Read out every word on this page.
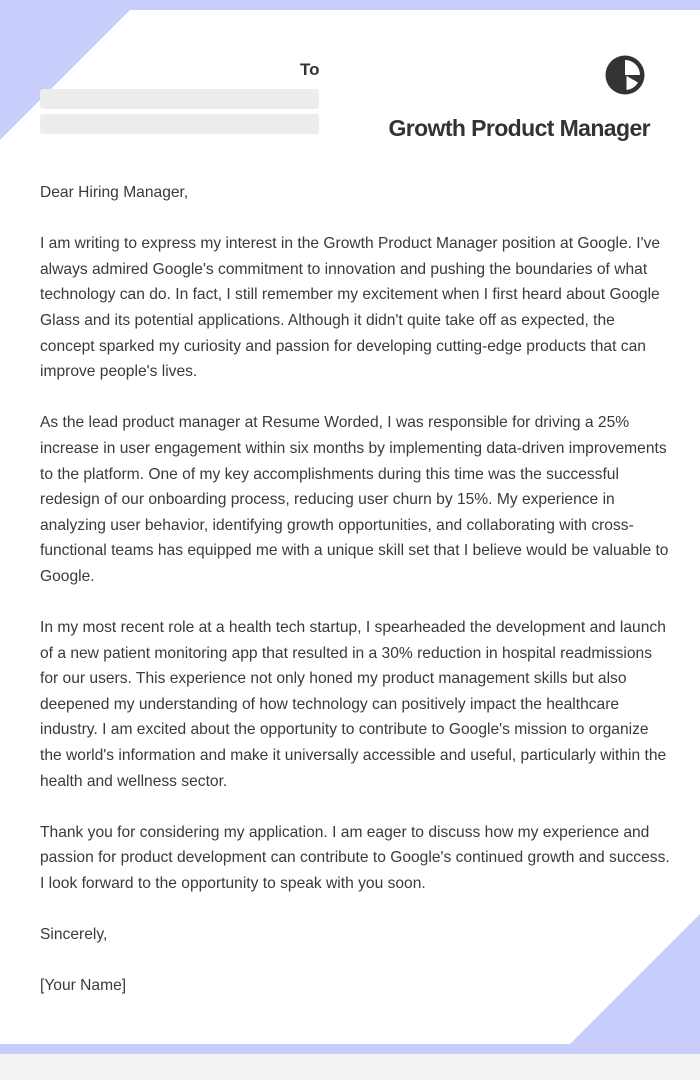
To
Growth Product Manager

Dear Hiring Manager,

I am writing to express my interest in the Growth Product Manager position at Google. I've always admired Google's commitment to innovation and pushing the boundaries of what technology can do. In fact, I still remember my excitement when I first heard about Google Glass and its potential applications. Although it didn't quite take off as expected, the concept sparked my curiosity and passion for developing cutting-edge products that can improve people's lives.

As the lead product manager at Resume Worded, I was responsible for driving a 25% increase in user engagement within six months by implementing data-driven improvements to the platform. One of my key accomplishments during this time was the successful redesign of our onboarding process, reducing user churn by 15%. My experience in analyzing user behavior, identifying growth opportunities, and collaborating with cross-functional teams has equipped me with a unique skill set that I believe would be valuable to Google.

In my most recent role at a health tech startup, I spearheaded the development and launch of a new patient monitoring app that resulted in a 30% reduction in hospital readmissions for our users. This experience not only honed my product management skills but also deepened my understanding of how technology can positively impact the healthcare industry. I am excited about the opportunity to contribute to Google's mission to organize the world's information and make it universally accessible and useful, particularly within the health and wellness sector.

Thank you for considering my application. I am eager to discuss how my experience and passion for product development can contribute to Google's continued growth and success. I look forward to the opportunity to speak with you soon.

Sincerely,

[Your Name]
